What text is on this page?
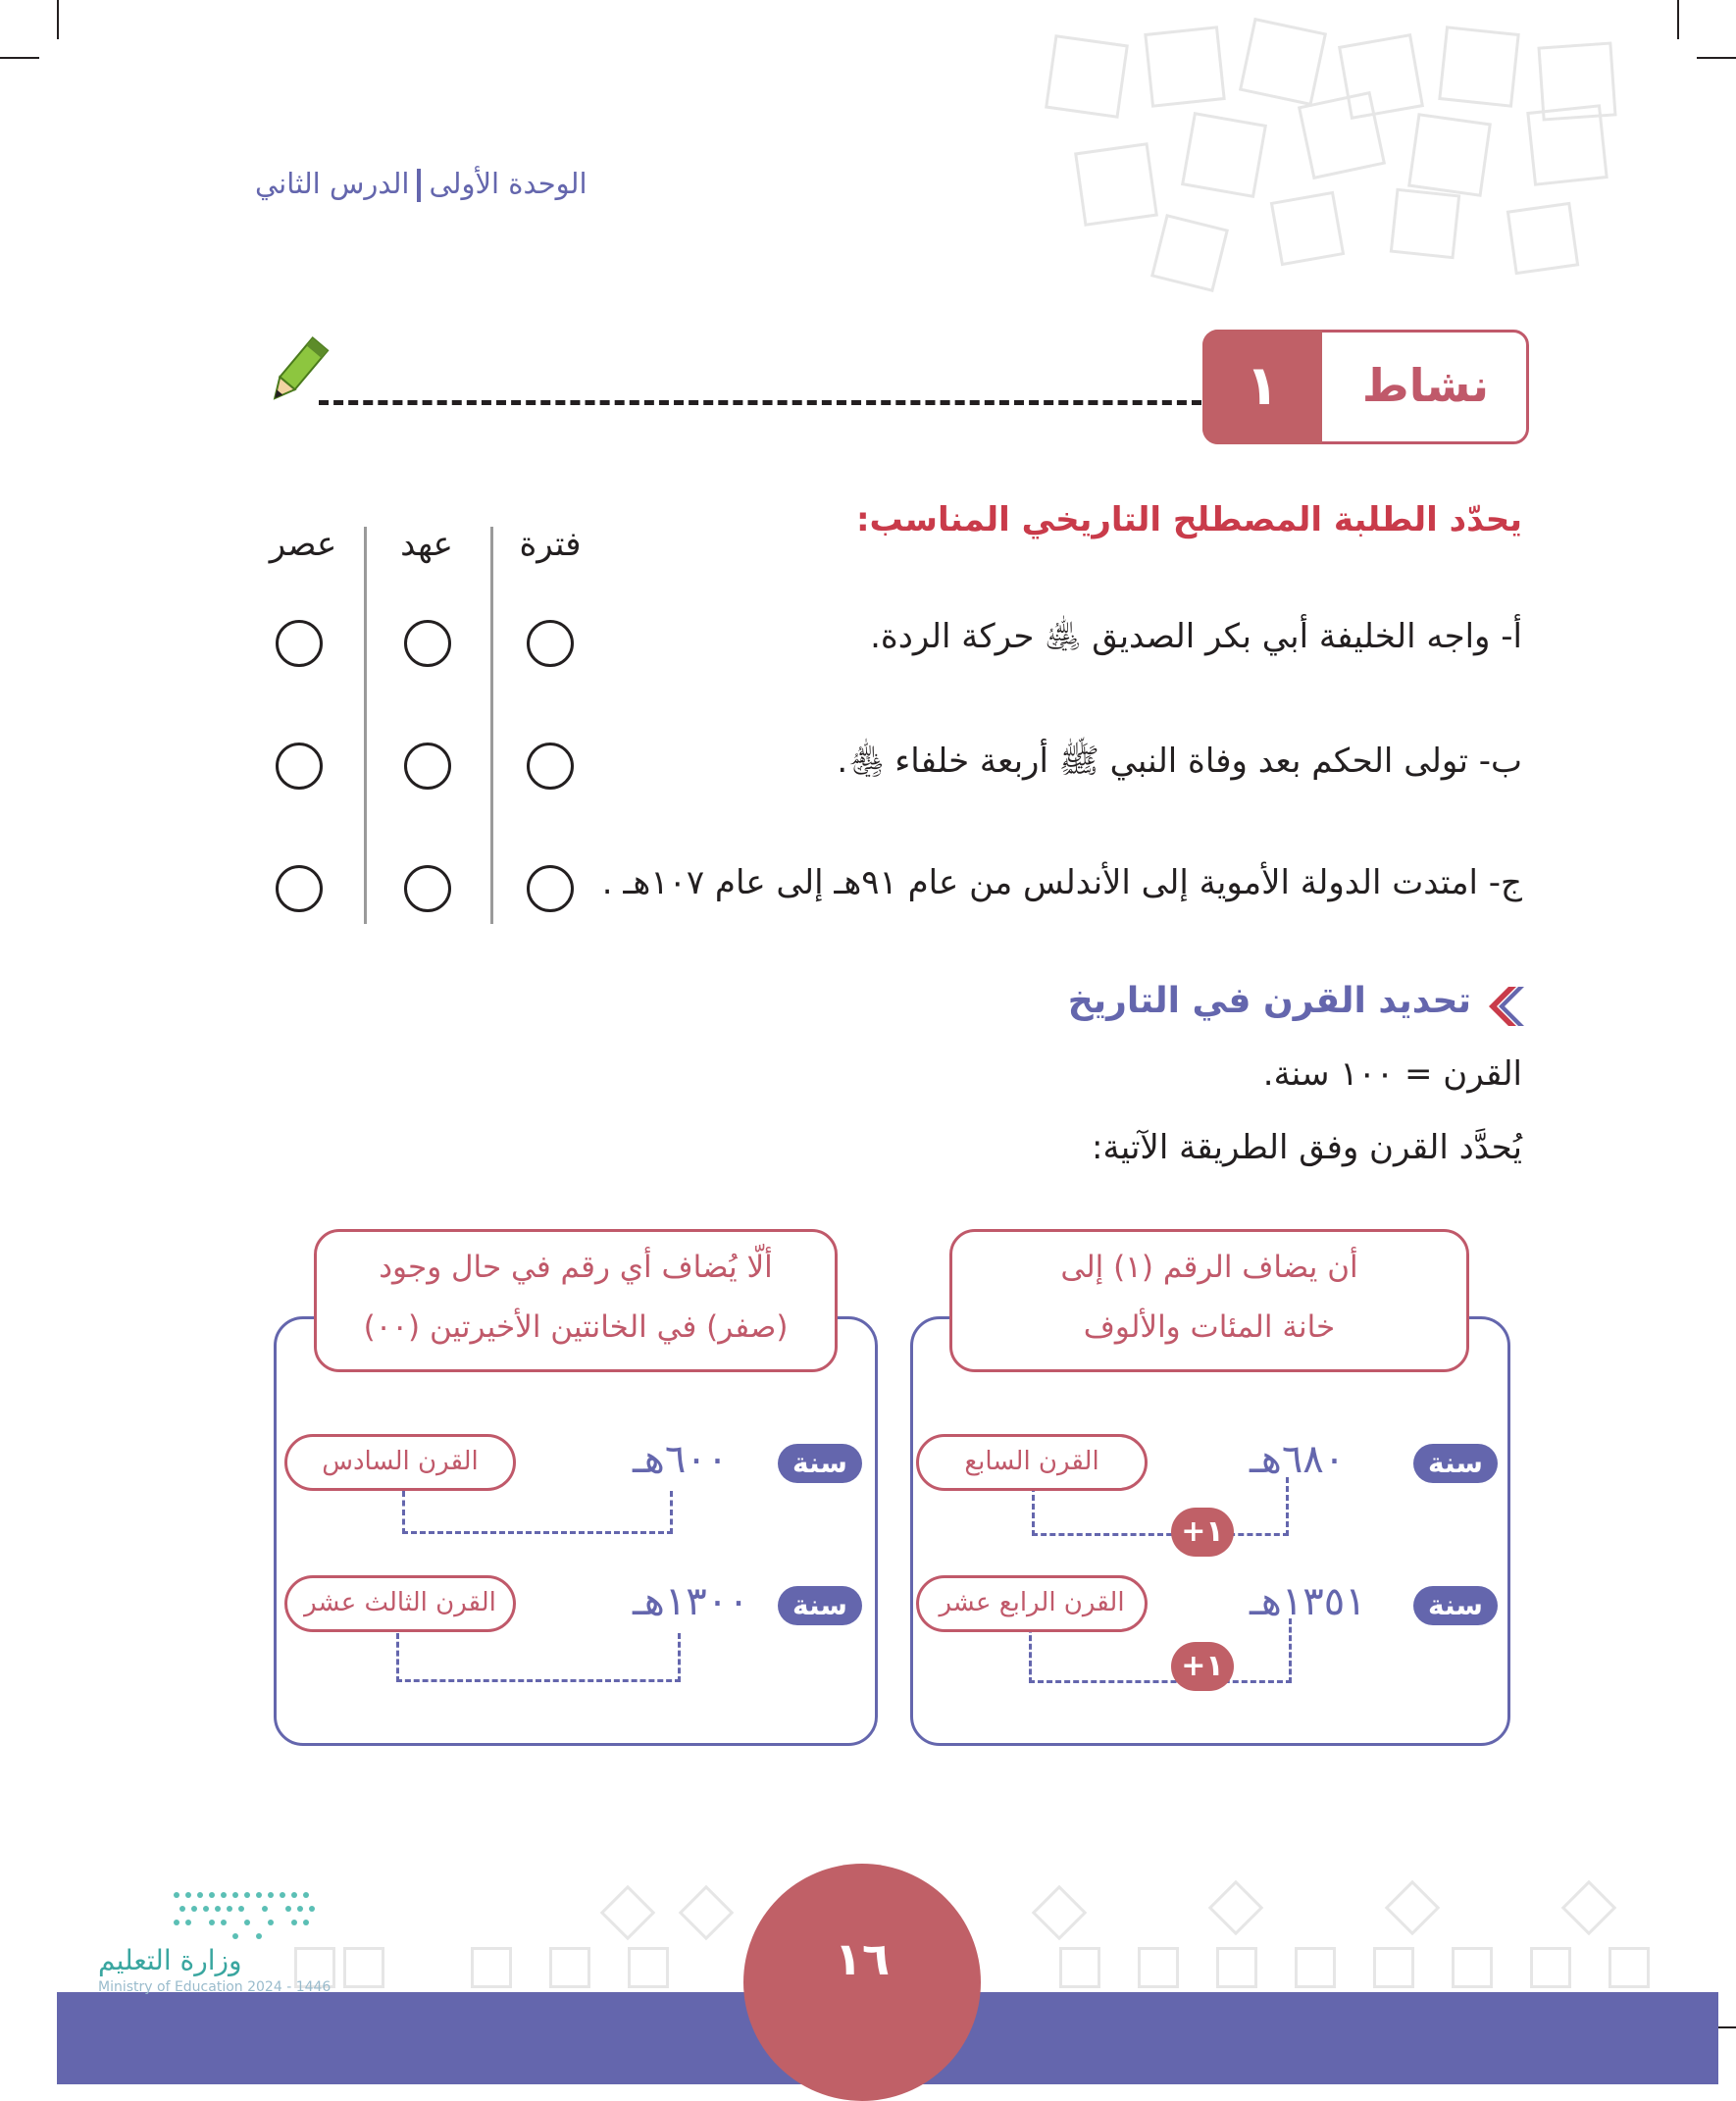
الوحدة الأولىالدرس الثاني
١	نشاط
يحدّد الطلبة المصطلح التاريخي المناسب:
فترة
عهد
عصر
أ- واجه الخليفة أبي بكر الصديق ﵁ حركة الردة.
ب- تولى الحكم بعد وفاة النبي ﷺ أربعة خلفاء ﵃.
ج- امتدت الدولة الأموية إلى الأندلس من عام ٩١هـ إلى عام ١٠٧هـ .
تحديد القرن في التاريخ
القرن = ١٠٠ سنة.
يُحدَّد القرن وفق الطريقة الآتية:
أن يضاف الرقم (١) إلى
خانة المئات والألوف
سنة
٦٨٠هـ
القرن السابع
+١
سنة
١٣٥١هـ
القرن الرابع عشر
+١
ألّا يُضاف أي رقم في حال وجود
(صفر) في الخانتين الأخيرتين (٠٠)
سنة
٦٠٠هـ
القرن السادس
سنة
١٣٠٠هـ
القرن الثالث عشر
١٦
وزارة التعليم
Ministry of Education 2024 - 1446
